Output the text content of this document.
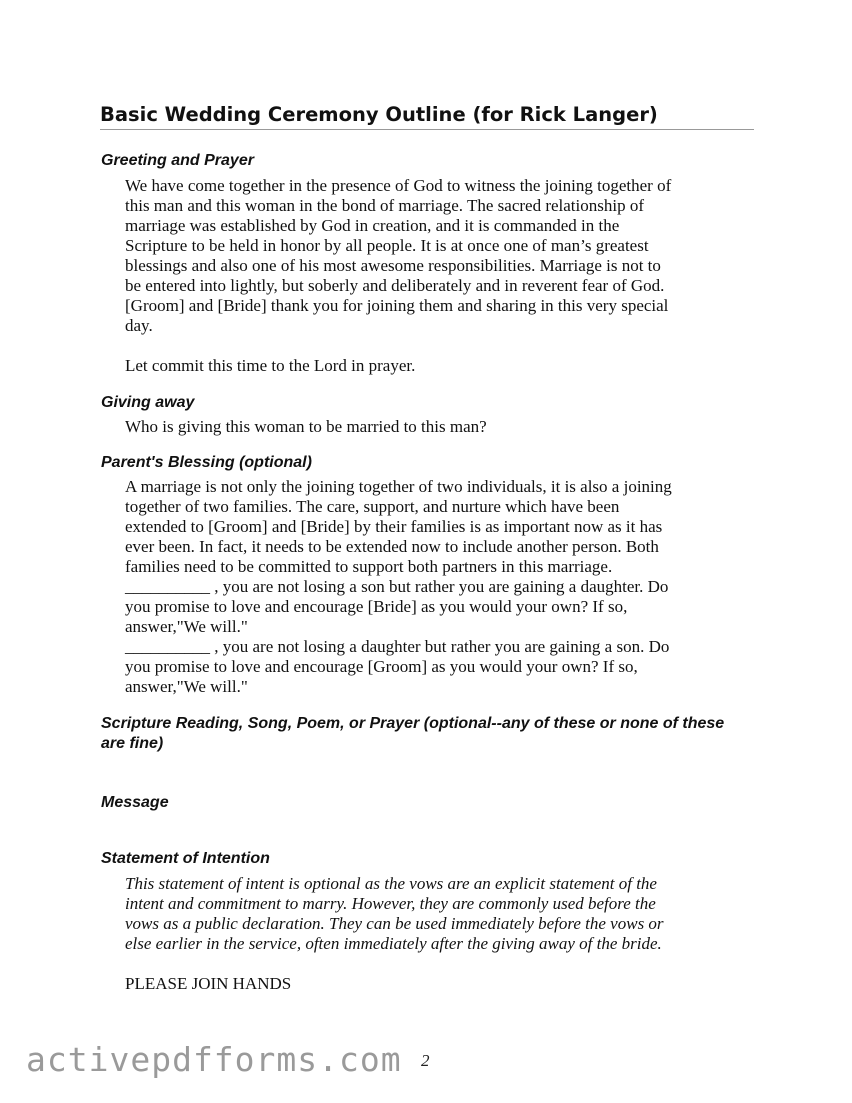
Basic Wedding Ceremony Outline (for Rick Langer)
Greeting and Prayer
We have come together in the presence of God to witness the joining together of
this man and this woman in the bond of marriage. The sacred relationship of
marriage was established by God in creation, and it is commanded in the
Scripture to be held in honor by all people. It is at once one of man’s greatest
blessings and also one of his most awesome responsibilities. Marriage is not to
be entered into lightly, but soberly and deliberately and in reverent fear of God.
[Groom] and [Bride] thank you for joining them and sharing in this very special
day.
Let commit this time to the Lord in prayer.
Giving away
Who is giving this woman to be married to this man?
Parent's Blessing (optional)
A marriage is not only the joining together of two individuals, it is also a joining
together of two families. The care, support, and nurture which have been
extended to [Groom] and [Bride] by their families is as important now as it has
ever been. In fact, it needs to be extended now to include another person. Both
families need to be committed to support both partners in this marriage.
__________ , you are not losing a son but rather you are gaining a daughter. Do
you promise to love and encourage [Bride] as you would your own? If so,
answer,"We will."
__________ , you are not losing a daughter but rather you are gaining a son. Do
you promise to love and encourage [Groom] as you would your own? If so,
answer,"We will."
Scripture Reading, Song, Poem, or Prayer (optional--any of these or none of these
are fine)
Message
Statement of Intention
This statement of intent is optional as the vows are an explicit statement of the
intent and commitment to marry. However, they are commonly used before the
vows as a public declaration. They can be used immediately before the vows or
else earlier in the service, often immediately after the giving away of the bride.
PLEASE JOIN HANDS
activepdfforms.com 2
